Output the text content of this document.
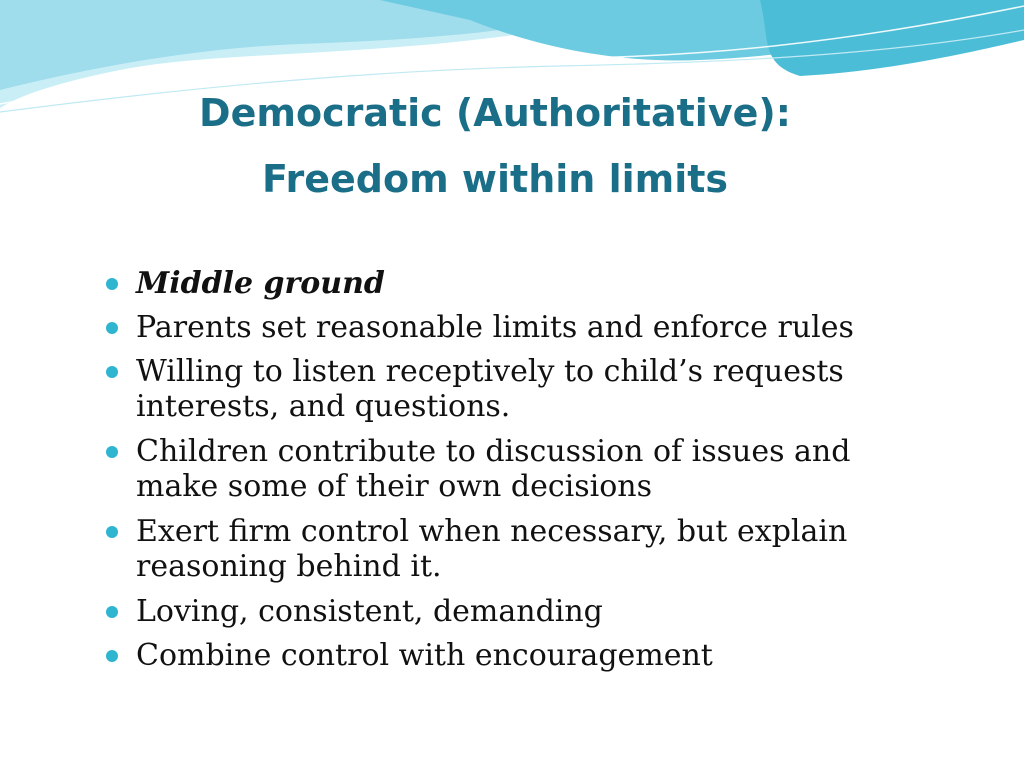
Democratic (Authoritative):
Freedom within limits
Middle ground
Parents set reasonable limits and enforce rules
Willing to listen receptively to child’s requests interests, and questions.
Children contribute to discussion of issues and make some of their own decisions
Exert firm control when necessary, but explain reasoning behind it.
Loving, consistent, demanding
Combine control with encouragement
